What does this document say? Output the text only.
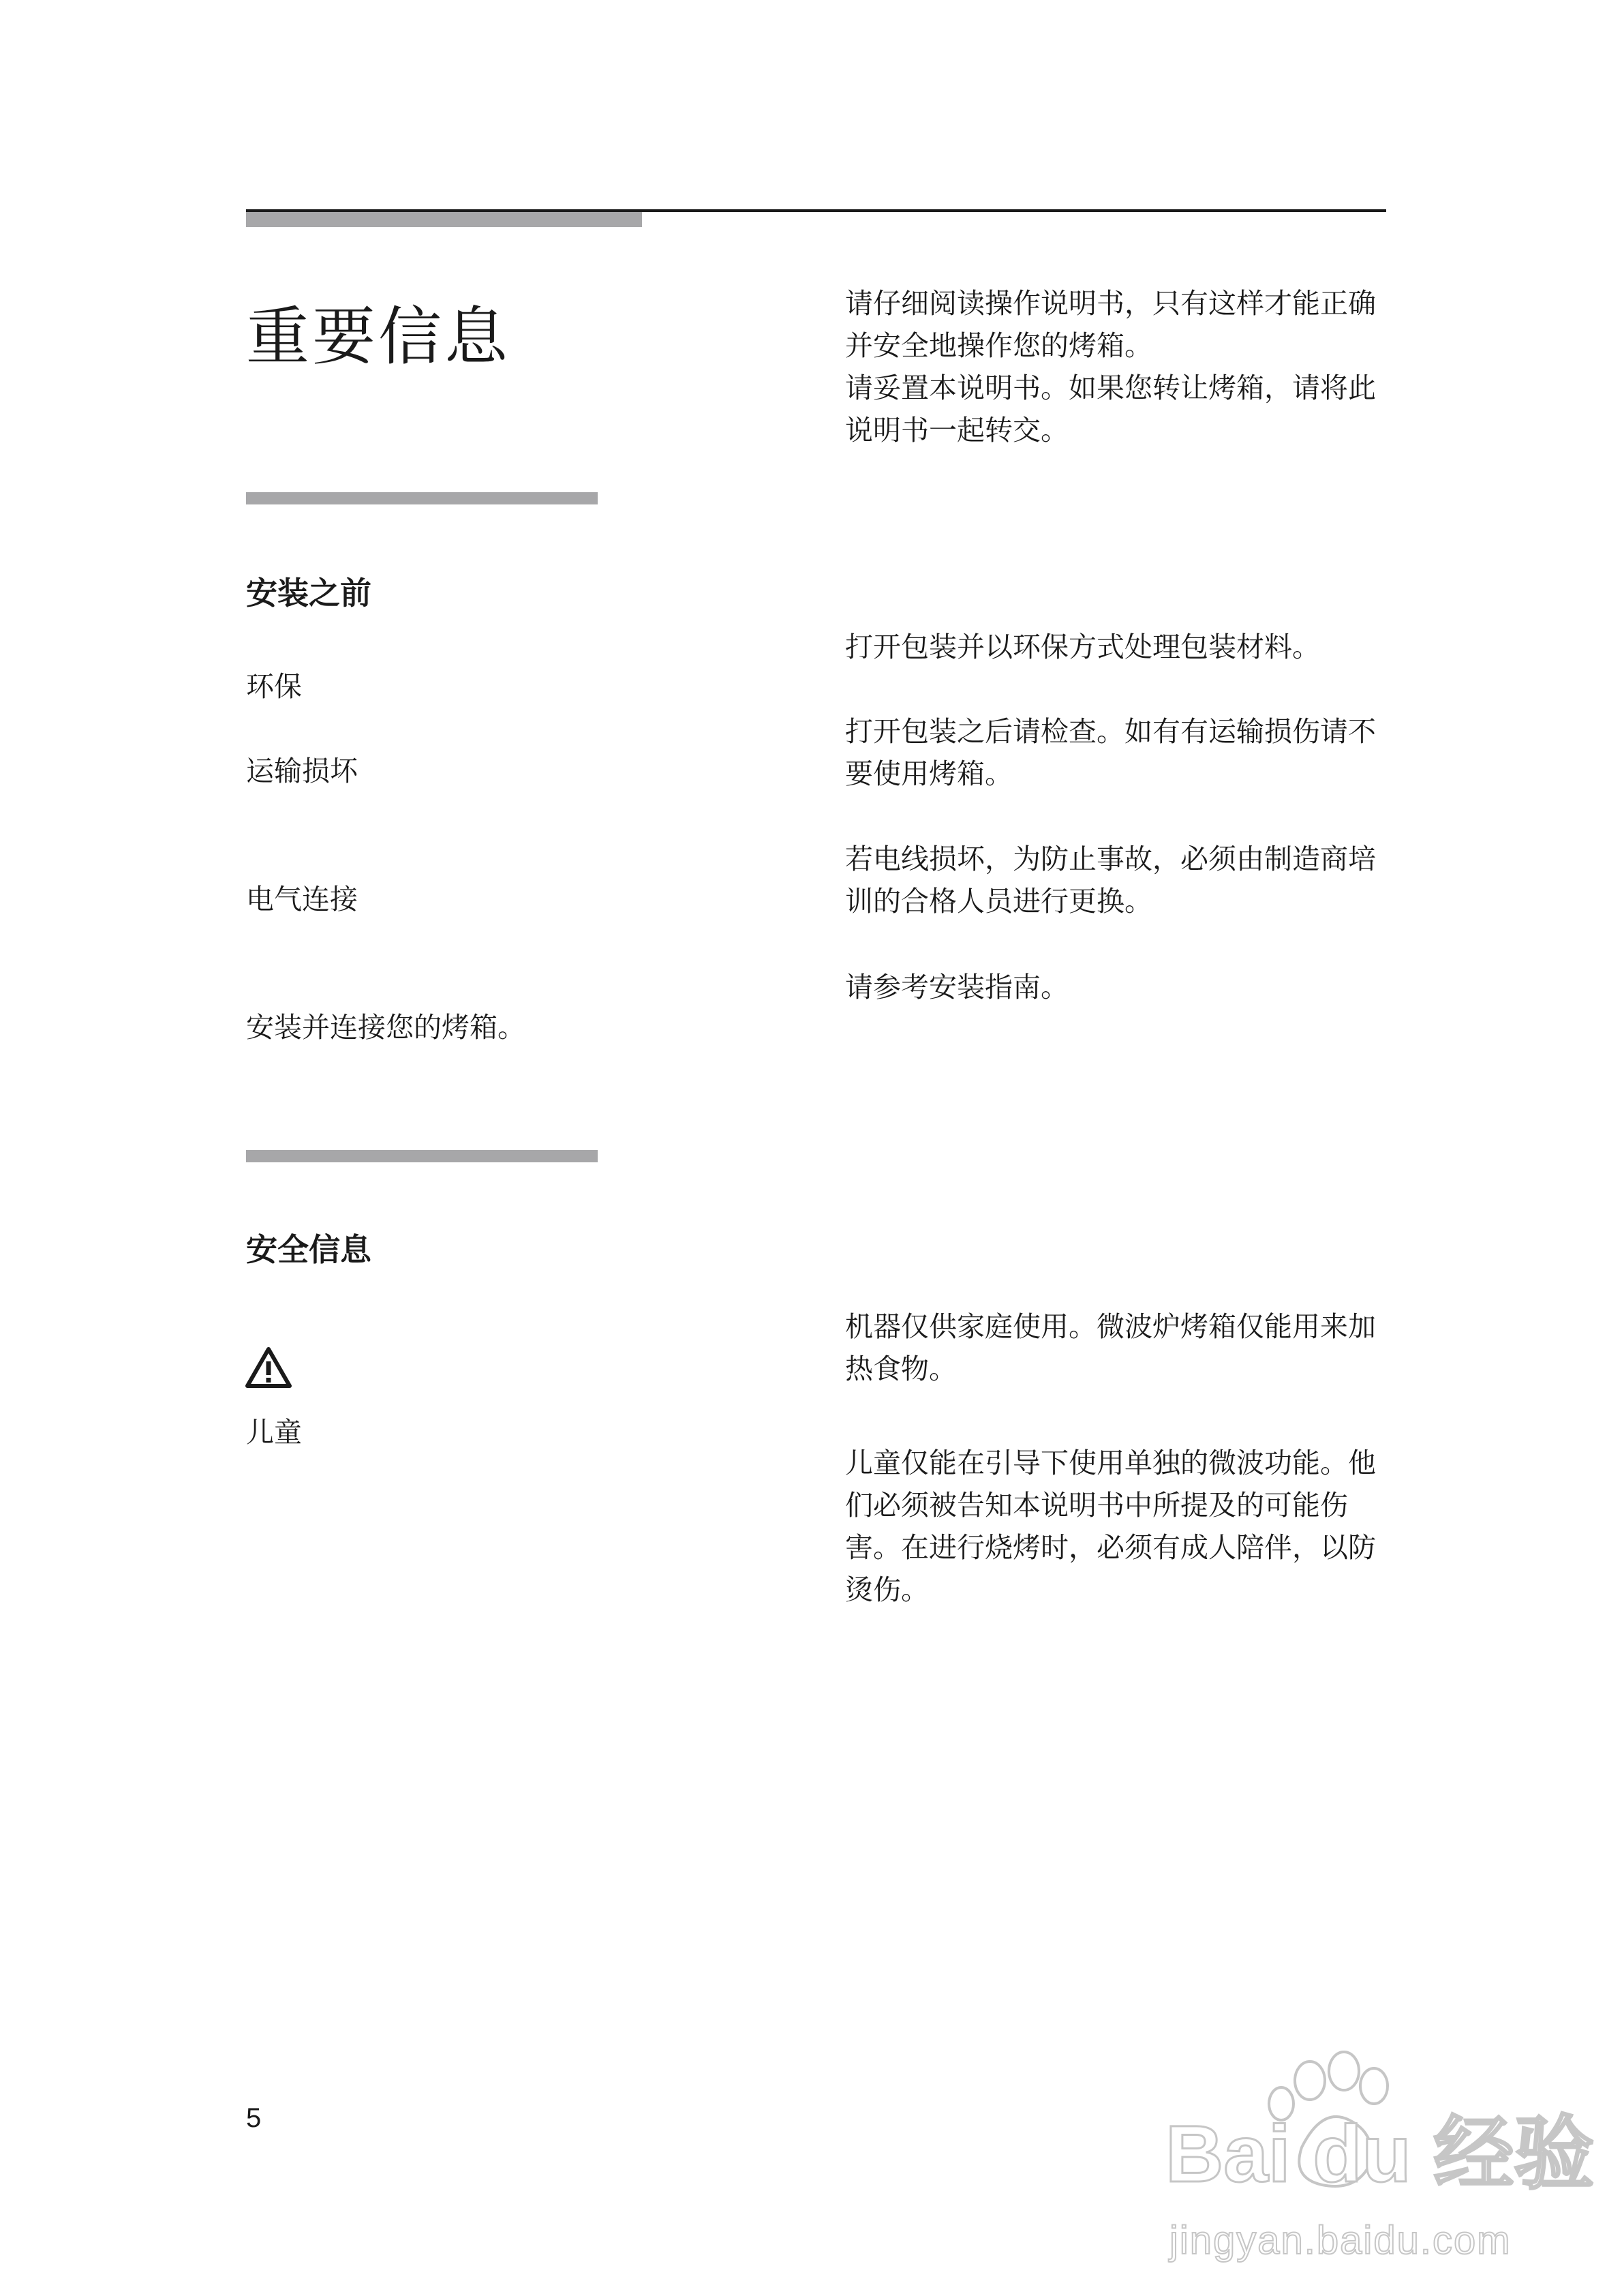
重要信息	请仔细阅读操作说明书，只有这样才能正确并安全地操作您的烤箱。

请妥置本说明书。如果您转让烤箱，请将此说明书一起转交。

安装之前
环保
打开包装并以环保方式处理包装材料。
运输损坏
打开包装之后请检查。如有有运输损伤请不要使用烤箱。
电气连接
若电线损坏，为防止事故，必须由制造商培训的合格人员进行更换。
安装并连接您的烤箱。
请参考安装指南。
安全信息
机器仅供家庭使用。微波炉烤箱仅能用来加热食物。
儿童
儿童仅能在引导下使用单独的微波功能。他们必须被告知本说明书中所提及的可能伤害。在进行烧烤时，必须有成人陪伴，以防烫伤。
5	Bai du 经验
jingyan.baidu.com
